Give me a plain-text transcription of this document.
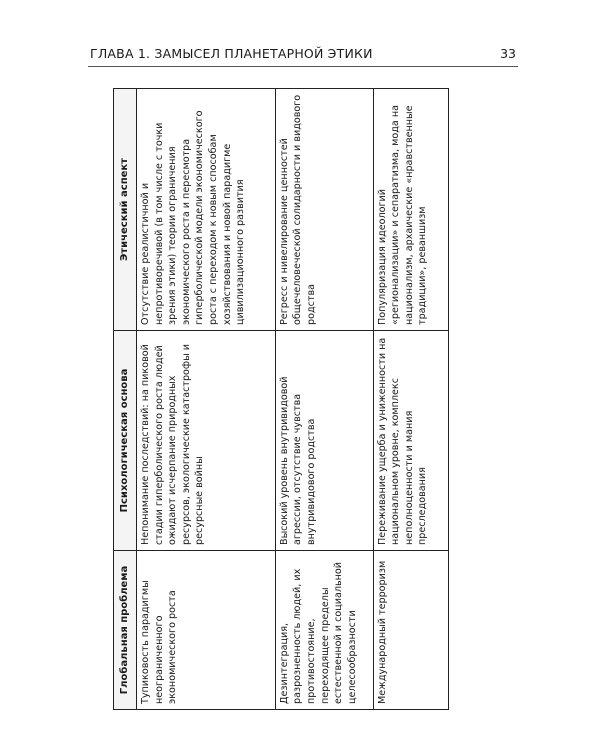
ГЛАВА 1. ЗАМЫСЕЛ ПЛАНЕТАРНОЙ ЭТИКИ	33
Глобальная проблема	Психологическая основа	Этический аспект
Тупиковость парадигмы неограниченного экономического роста	Непонимание последствий: на пиковой стадии гиперболического роста людей ожидают исчерпание природных ресурсов, экологические катастрофы и ресурсные войны	Отсутствие реалистичной и непротиворечивой (в том числе с точки зрения этики) теории ограничения экономического роста и пересмотра гиперболической модели экономического роста с переходом к новым способам хозяйствования и новой парадигме цивилизационного развития
Дезинтеграция, разрозненность людей, их противостояние, переходящее пределы естественной и социальной целесообразности	Высокий уровень внутривидовой агрессии, отсутствие чувства внутривидового родства	Регресс и нивелирование ценностей общечеловеческой солидарности и видового родства
Международный терроризм	Переживание ущерба и униженности на национальном уровне, комплекс неполноценности и мания преследования	Популяризация идеологий «регионализации» и сепаратизма, мода на национализм, архаические «нравственные традиции», реваншизм
